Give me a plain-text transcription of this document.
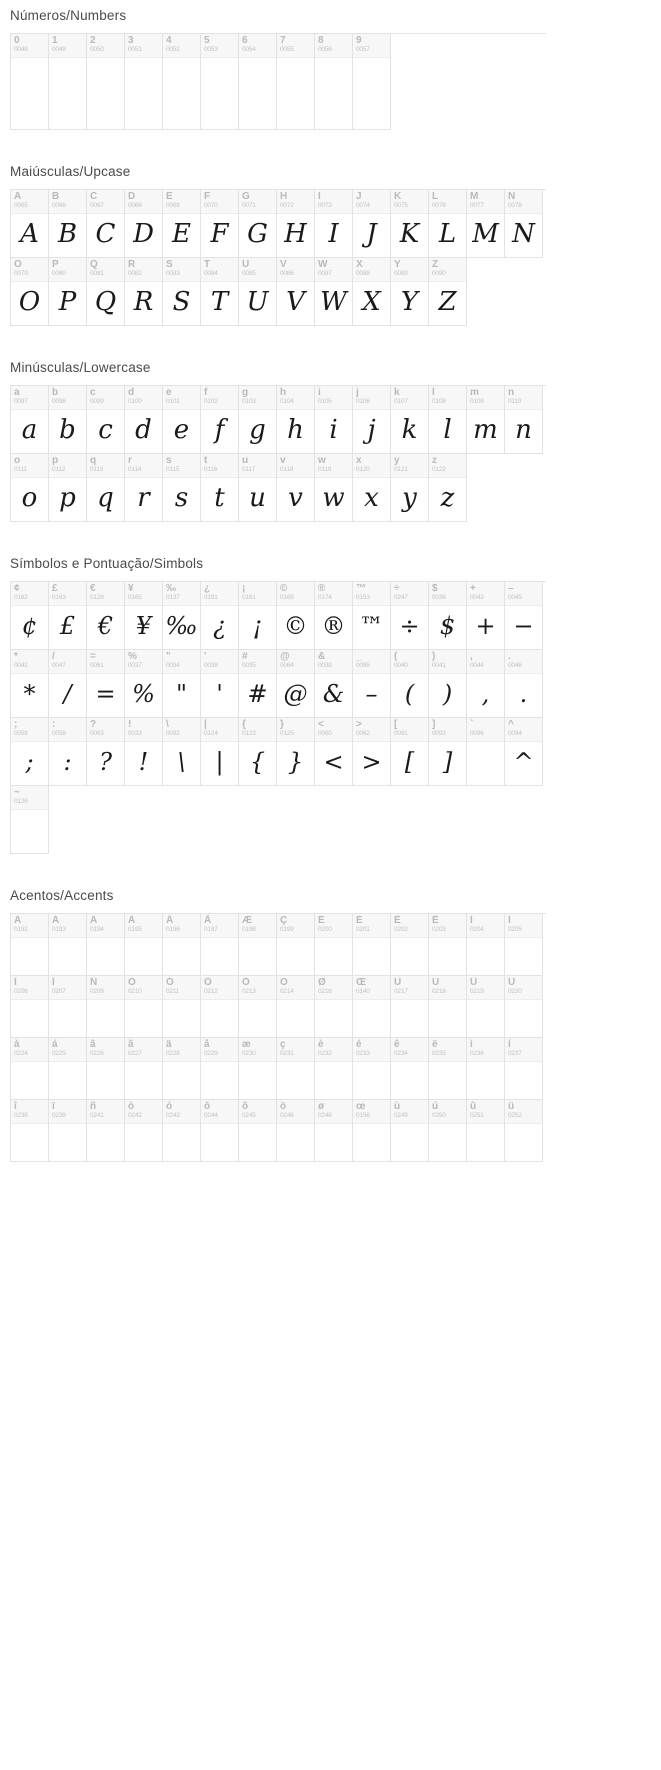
Números/Numbers
0
0048
1
0049
2
0050
3
0051
4
0052
5
0053
6
0054
7
0055
8
0056
9
0057
Maiúsculas/Upcase
A
0065
A
B
0066
B
C
0067
C
D
0068
D
E
0069
E
F
0070
F
G
0071
G
H
0072
H
I
0073
I
J
0074
J
K
0075
K
L
0076
L
M
0077
M
N
0078
N
O
0079
O
P
0080
P
Q
0081
Q
R
0082
R
S
0083
S
T
0084
T
U
0085
U
V
0086
V
W
0087
W
X
0088
X
Y
0089
Y
Z
0090
Z
Minúsculas/Lowercase
a
0097
a
b
0098
b
c
0099
c
d
0100
d
e
0101
e
f
0102
f
g
0103
g
h
0104
h
i
0105
i
j
0106
j
k
0107
k
l
0108
l
m
0109
m
n
0110
n
o
0111
o
p
0112
p
q
0113
q
r
0114
r
s
0115
s
t
0116
t
u
0117
u
v
0118
v
w
0119
w
x
0120
x
y
0121
y
z
0122
z
Símbolos e Pontuação/Simbols
¢
0162
¢
£
0163
£
€
0128
€
¥
0165
¥
‰
0137
‰
¿
0191
¿
¡
0161
¡
©
0169
©
®
0174
®
™
0153
™
÷
0247
÷
$
0036
$
+
0043
+
–
0045
−
*
0042
*
/
0047
/
=
0061
=
%
0037
%
"
0034
"
'
0039
'
#
0035
#
@
0064
@
&
0038
&
_
0095
–
(
0040
(
)
0041
)
,
0044
,
.
0046
.
;
0059
;
:
0058
:
?
0063
?
!
0033
!
\
0092
\
|
0124
|
{
0123
{
}
0125
}
<
0060
<
>
0062
>
[
0091
[
]
0093
]
`
0096
^
0094
^
~
0126
Acentos/Accents
À
0192
Á
0193
Â
0194
Ã
0195
Ä
0196
Å
0197
Æ
0198
Ç
0199
È
0200
É
0201
Ê
0202
Ë
0203
Ì
0204
Í
0205
Î
0206
Ï
0207
Ñ
0209
Ò
0210
Ó
0211
Ô
0212
Õ
0213
Ö
0214
Ø
0216
Œ
0140
Ù
0217
Ú
0218
Û
0219
Ü
0220
à
0224
á
0225
â
0226
ã
0227
ä
0228
å
0229
æ
0230
ç
0231
è
0232
é
0233
ê
0234
ë
0235
ì
0236
í
0237
î
0238
ï
0239
ñ
0241
ò
0242
ó
0243
ô
0244
õ
0245
ö
0246
ø
0248
œ
0156
ù
0249
ú
0250
û
0251
ü
0252
